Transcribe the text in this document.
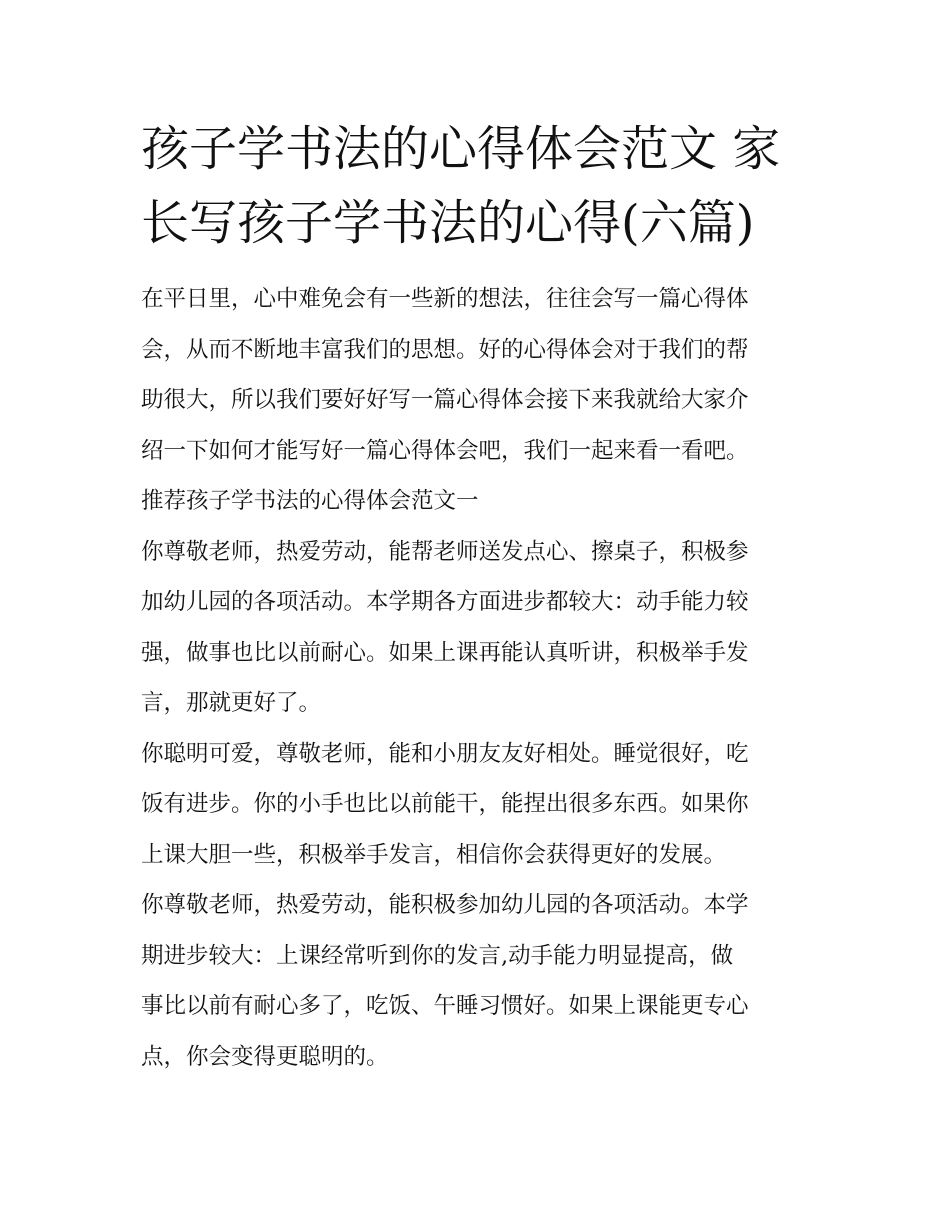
孩子学书法的心得体会范文 家
长写孩子学书法的心得(六篇)

在平日里，心中难免会有一些新的想法，往往会写一篇心得体
会，从而不断地丰富我们的思想。好的心得体会对于我们的帮
助很大，所以我们要好好写一篇心得体会接下来我就给大家介
绍一下如何才能写好一篇心得体会吧，我们一起来看一看吧。

推荐孩子学书法的心得体会范文一

你尊敬老师，热爱劳动，能帮老师送发点心、擦桌子，积极参
加幼儿园的各项活动。本学期各方面进步都较大：动手能力较
强，做事也比以前耐心。如果上课再能认真听讲，积极举手发
言，那就更好了。

你聪明可爱，尊敬老师，能和小朋友友好相处。睡觉很好，吃
饭有进步。你的小手也比以前能干，能捏出很多东西。如果你
上课大胆一些，积极举手发言，相信你会获得更好的发展。

你尊敬老师，热爱劳动，能积极参加幼儿园的各项活动。本学
期进步较大：上课经常听到你的发言,动手能力明显提高，做
事比以前有耐心多了，吃饭、午睡习惯好。如果上课能更专心
点，你会变得更聪明的。
